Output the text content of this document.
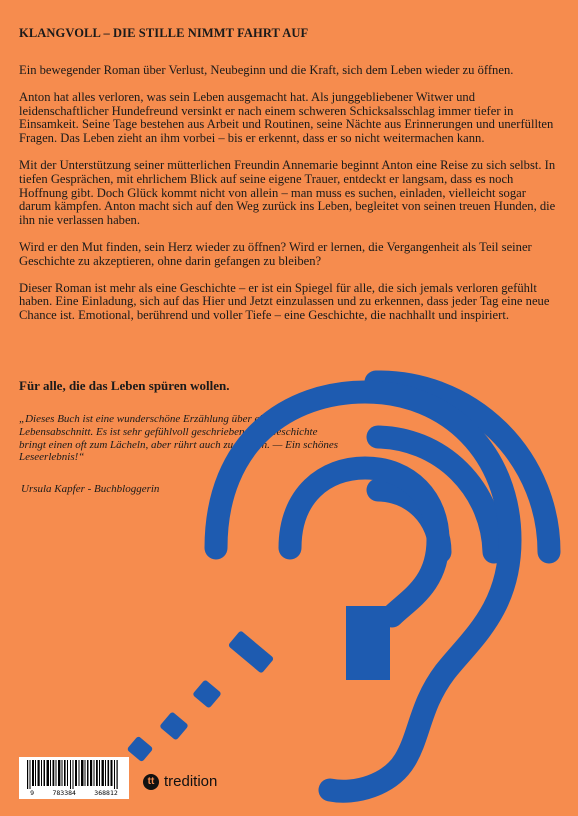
KLANGVOLL – DIE STILLE NIMMT FAHRT AUF

Ein bewegender Roman über Verlust, Neubeginn und die Kraft, sich dem Leben wieder zu öffnen.

Anton hat alles verloren, was sein Leben ausgemacht hat. Als junggebliebener Witwer und leidenschaftlicher Hundefreund versinkt er nach einem schweren Schicksalsschlag immer tiefer in Einsamkeit. Seine Tage bestehen aus Arbeit und Routinen, seine Nächte aus Erinnerungen und unerfüllten Fragen. Das Leben zieht an ihm vorbei – bis er erkennt, dass er so nicht weitermachen kann.

Mit der Unterstützung seiner mütterlichen Freundin Annemarie beginnt Anton eine Reise zu sich selbst. In tiefen Gesprächen, mit ehrlichem Blick auf seine eigene Trauer, entdeckt er langsam, dass es noch Hoffnung gibt. Doch Glück kommt nicht von allein – man muss es suchen, einladen, vielleicht sogar darum kämpfen. Anton macht sich auf den Weg zurück ins Leben, begleitet von seinen treuen Hunden, die ihn nie verlassen haben.

Wird er den Mut finden, sein Herz wieder zu öffnen? Wird er lernen, die Vergangenheit als Teil seiner Geschichte zu akzeptieren, ohne darin gefangen zu bleiben?

Dieser Roman ist mehr als eine Geschichte – er ist ein Spiegel für alle, die sich jemals verloren gefühlt haben. Eine Einladung, sich auf das Hier und Jetzt einzulassen und zu erkennen, dass jeder Tag eine neue Chance ist. Emotional, berührend und voller Tiefe – eine Geschichte, die nachhallt und inspiriert.

Für alle, die das Leben spüren wollen.
„Dieses Buch ist eine wunderschöne Erzählung über einen Lebensabschnitt. Es ist sehr gefühlvoll geschrieben. Die Geschichte bringt einen oft zum Lächeln, aber rührt auch zu Tränen. — Ein schönes Leseerlebnis!“
Ursula Kapfer - Buchbloggerin
9	783384	368812
tt tredition
